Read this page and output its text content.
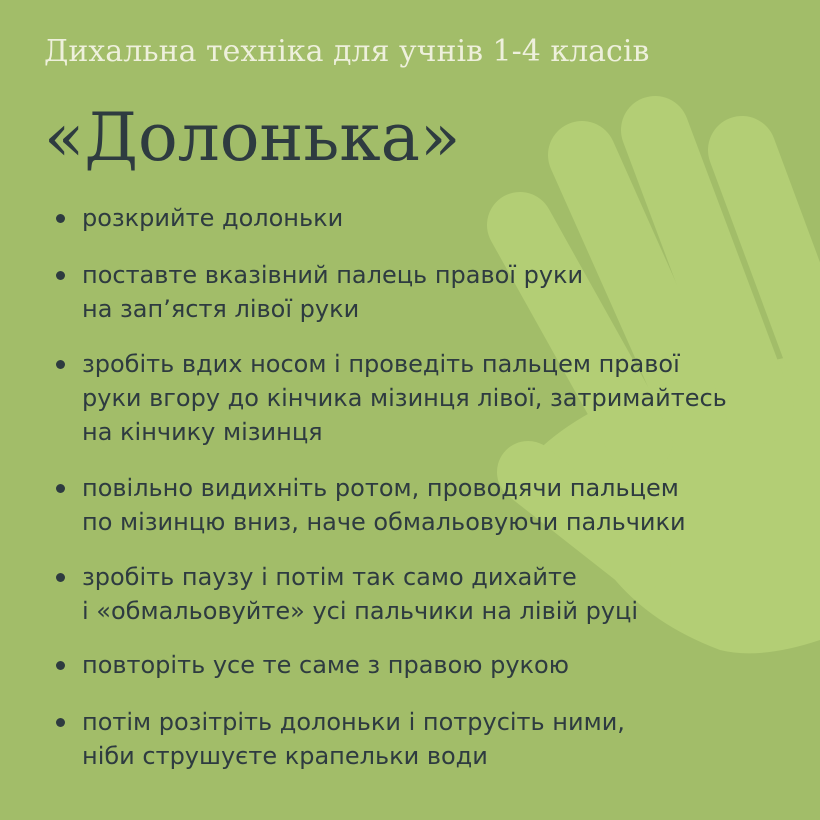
Дихальна техніка для учнів 1-4 класів
«Долонька»
розкрийте долоньки
поставте вказівний палець правої руки
на зап’ястя лівої руки
зробіть вдих носом і проведіть пальцем правої
руки вгору до кінчика мізинця лівої, затримайтесь
на кінчику мізинця
повільно видихніть ротом, проводячи пальцем
по мізинцю вниз, наче обмальовуючи пальчики
зробіть паузу і потім так само дихайте
і «обмальовуйте» усі пальчики на лівій руці
повторіть усе те саме з правою рукою
потім розітріть долоньки і потрусіть ними,
ніби струшуєте крапельки води
